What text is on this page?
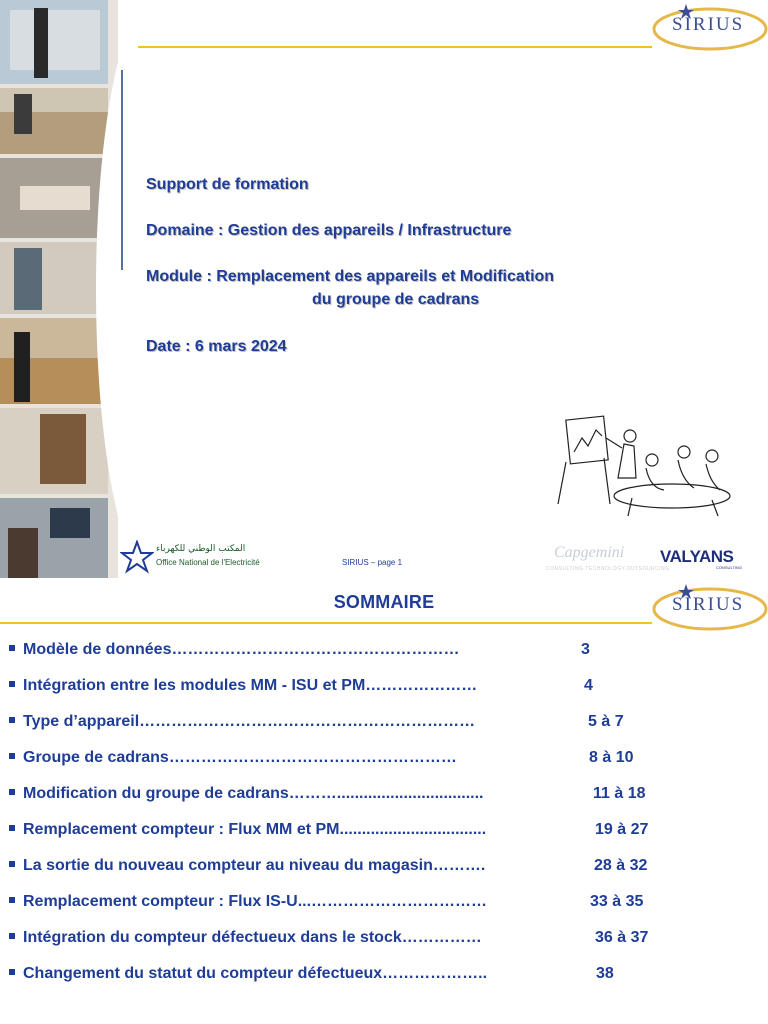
SIRIUS
Support de formation
Domaine : Gestion des appareils / Infrastructure
Module : Remplacement des appareils et Modification
du groupe de cadrans
Date : 6 mars 2024
المكتب الوطني للكهرباء
Office National de l'Electricité	SIRIUS – page 1
Capgemini
CONSULTING.TECHNOLOGY.OUTSOURCING
VALYANS
CONSULTING
SOMMAIRE	SIRIUS
Modèle de données………………………………………………	3
Intégration entre les modules MM - ISU et PM…………………	4
Type d’appareil………………………………………………………	5 à 7
Groupe de cadrans………………………………………………	8 à 10
Modification du groupe de cadrans……….................................	11 à 18
Remplacement compteur : Flux MM et PM.................................	19 à 27
La sortie du nouveau compteur au niveau du magasin……….	28 à 32
Remplacement compteur : Flux IS-U...……………………………	33 à 35
Intégration du compteur défectueux dans le stock……………	36 à 37
Changement du statut du compteur défectueux………………..	38
